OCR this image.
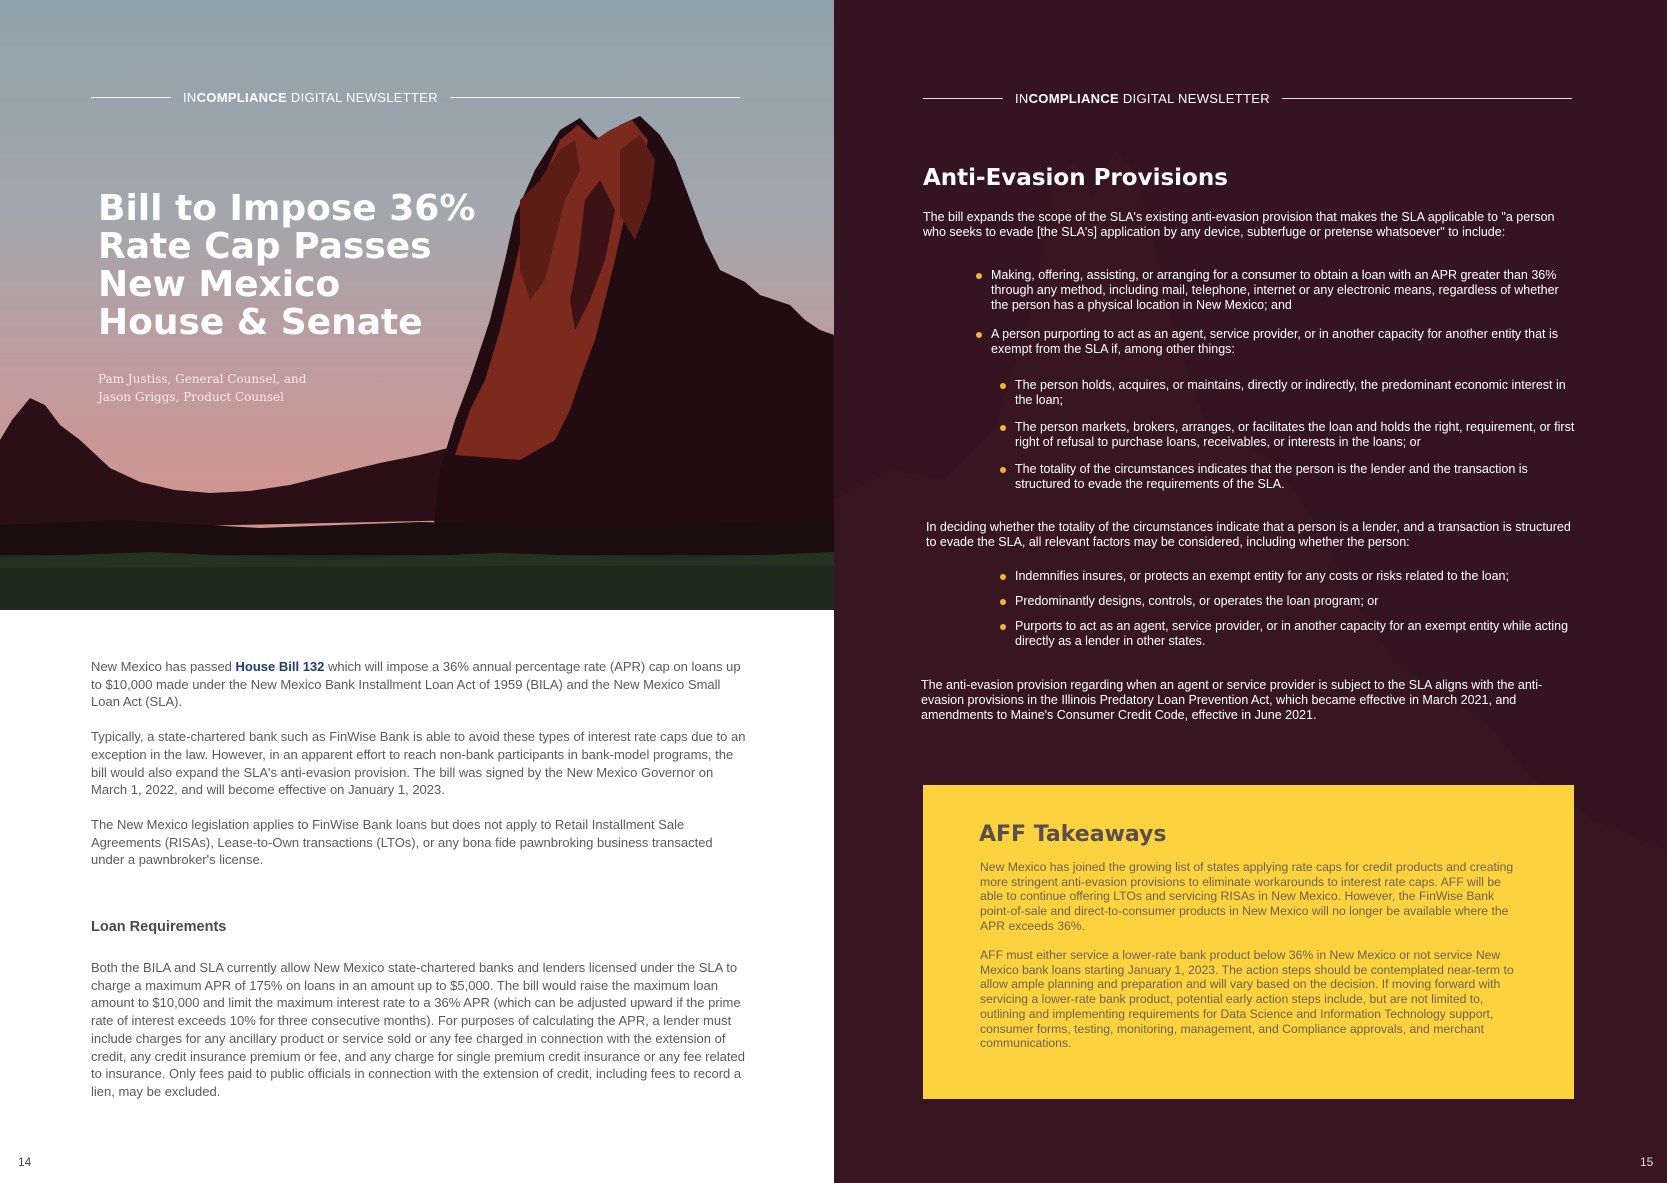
INCOMPLIANCE DIGITAL NEWSLETTER
Bill to Impose 36% Rate Cap Passes New Mexico House & Senate
Pam Justiss, General Counsel, and
Jason Griggs, Product Counsel

New Mexico has passed House Bill 132 which will impose a 36% annual percentage rate (APR) cap on loans up to $10,000 made under the New Mexico Bank Installment Loan Act of 1959 (BILA) and the New Mexico Small Loan Act (SLA).

Typically, a state-chartered bank such as FinWise Bank is able to avoid these types of interest rate caps due to an exception in the law. However, in an apparent effort to reach non-bank participants in bank-model programs, the bill would also expand the SLA's anti-evasion provision. The bill was signed by the New Mexico Governor on March 1, 2022, and will become effective on January 1, 2023.

The New Mexico legislation applies to FinWise Bank loans but does not apply to Retail Installment Sale Agreements (RISAs), Lease-to-Own transactions (LTOs), or any bona fide pawnbroking business transacted under a pawnbroker's license.

Loan Requirements

Both the BILA and SLA currently allow New Mexico state-chartered banks and lenders licensed under the SLA to charge a maximum APR of 175% on loans in an amount up to $5,000. The bill would raise the maximum loan amount to $10,000 and limit the maximum interest rate to a 36% APR (which can be adjusted upward if the prime rate of interest exceeds 10% for three consecutive months). For purposes of calculating the APR, a lender must include charges for any ancillary product or service sold or any fee charged in connection with the extension of credit, any credit insurance premium or fee, and any charge for single premium credit insurance or any fee related to insurance. Only fees paid to public officials in connection with the extension of credit, including fees to record a lien, may be excluded.

14
INCOMPLIANCE DIGITAL NEWSLETTER
Anti-Evasion Provisions

The bill expands the scope of the SLA's existing anti-evasion provision that makes the SLA applicable to "a person who seeks to evade [the SLA's] application by any device, subterfuge or pretense whatsoever" to include:

Making, offering, assisting, or arranging for a consumer to obtain a loan with an APR greater than 36% through any method, including mail, telephone, internet or any electronic means, regardless of whether the person has a physical location in New Mexico; and
A person purporting to act as an agent, service provider, or in another capacity for another entity that is exempt from the SLA if, among other things:
The person holds, acquires, or maintains, directly or indirectly, the predominant economic interest in the loan;
The person markets, brokers, arranges, or facilitates the loan and holds the right, requirement, or first right of refusal to purchase loans, receivables, or interests in the loans; or
The totality of the circumstances indicates that the person is the lender and the transaction is structured to evade the requirements of the SLA.

In deciding whether the totality of the circumstances indicate that a person is a lender, and a transaction is structured to evade the SLA, all relevant factors may be considered, including whether the person:

Indemnifies insures, or protects an exempt entity for any costs or risks related to the loan;
Predominantly designs, controls, or operates the loan program; or
Purports to act as an agent, service provider, or in another capacity for an exempt entity while acting directly as a lender in other states.

The anti-evasion provision regarding when an agent or service provider is subject to the SLA aligns with the anti-evasion provisions in the Illinois Predatory Loan Prevention Act, which became effective in March 2021, and amendments to Maine's Consumer Credit Code, effective in June 2021.

AFF Takeaways

New Mexico has joined the growing list of states applying rate caps for credit products and creating more stringent anti-evasion provisions to eliminate workarounds to interest rate caps. AFF will be able to continue offering LTOs and servicing RISAs in New Mexico. However, the FinWise Bank point-of-sale and direct-to-consumer products in New Mexico will no longer be available where the APR exceeds 36%.

AFF must either service a lower-rate bank product below 36% in New Mexico or not service New Mexico bank loans starting January 1, 2023. The action steps should be contemplated near-term to allow ample planning and preparation and will vary based on the decision. If moving forward with servicing a lower-rate bank product, potential early action steps include, but are not limited to, outlining and implementing requirements for Data Science and Information Technology support, consumer forms, testing, monitoring, management, and Compliance approvals, and merchant communications.

15
